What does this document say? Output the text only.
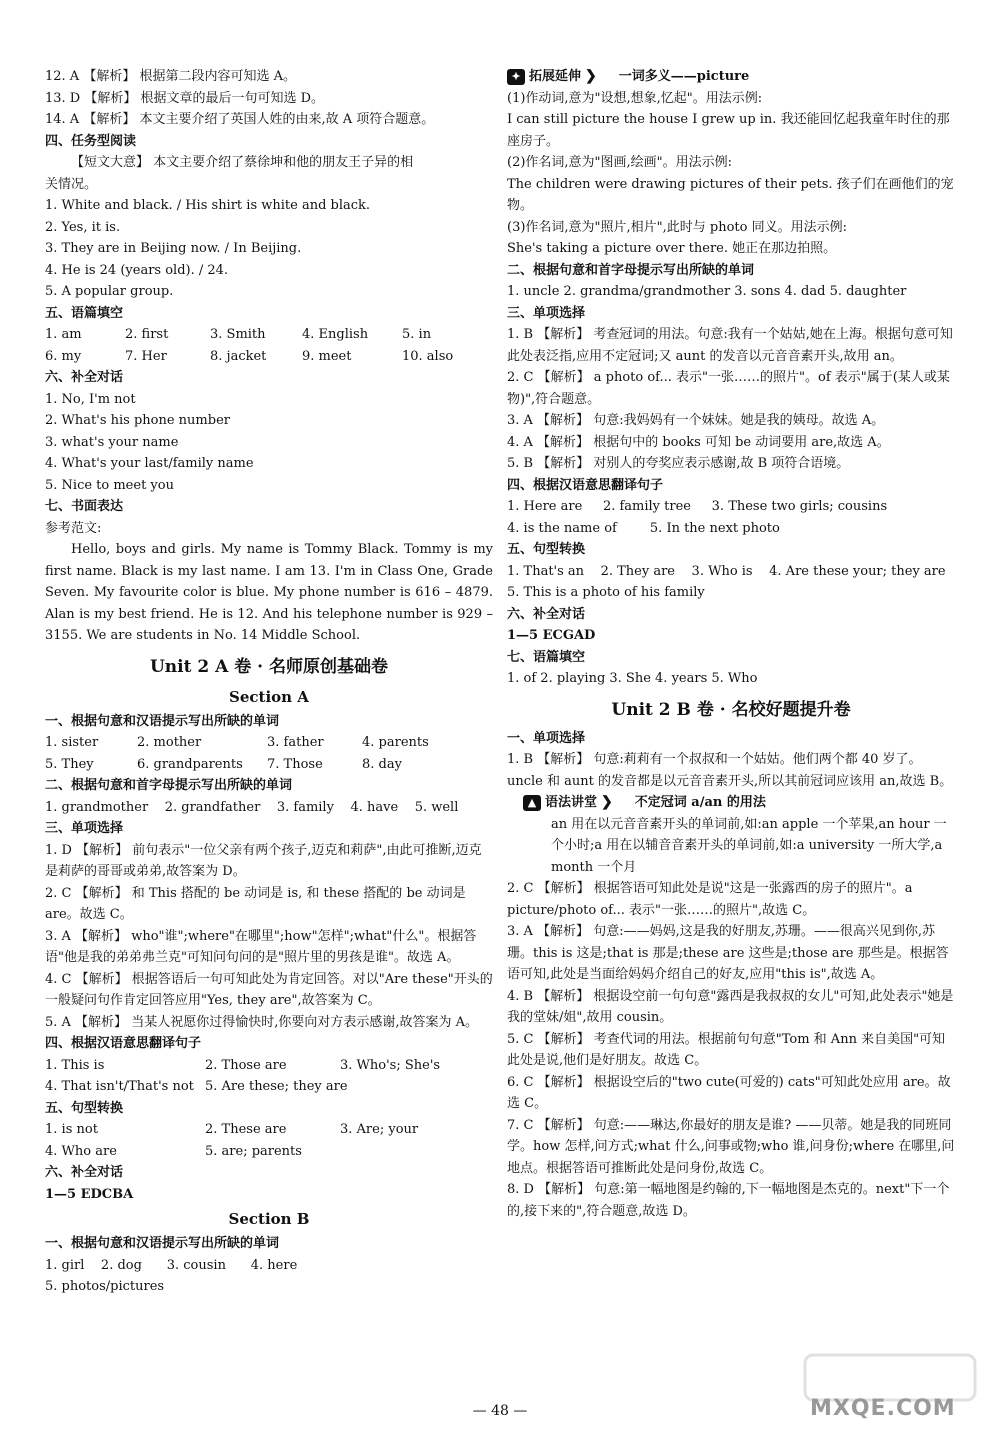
12. A 【解析】 根据第二段内容可知选 A。
13. D 【解析】 根据文章的最后一句可知选 D。
14. A 【解析】 本文主要介绍了英国人姓的由来,故 A 项符合题意。
四、任务型阅读
【短文大意】 本文主要介绍了蔡徐坤和他的朋友王子异的相
关情况。
1. White and black. / His shirt is white and black.
2. Yes, it is.
3. They are in Beijing now. / In Beijing.
4. He is 24 (years old). / 24.
5. A popular group.
五、语篇填空
1. am	2. first	3. Smith	4. English	5. in
6. my	7. Her	8. jacket	9. meet	10. also
六、补全对话
1. No, I'm not
2. What's his phone number
3. what's your name
4. What's your last/family name
5. Nice to meet you
七、书面表达
参考范文:
Hello, boys and girls. My name is Tommy Black. Tommy is my first name. Black is my last name. I am 13. I'm in Class One, Grade Seven. My favourite color is blue. My phone number is 616 – 4879. Alan is my best friend. He is 12. And his telephone number is 929 – 3155. We are students in No. 14 Middle School.
Unit 2 A 卷 · 名师原创基础卷
Section A
一、根据句意和汉语提示写出所缺的单词
1. sister	2. mother	3. father	4. parents
5. They	6. grandparents	7. Those	8. day
二、根据句意和首字母提示写出所缺的单词
1. grandmother 2. grandfather 3. family 4. have 5. well
三、单项选择
1. D 【解析】 前句表示"一位父亲有两个孩子,迈克和莉萨",由此可推断,迈克是莉萨的哥哥或弟弟,故答案为 D。
2. C 【解析】 和 This 搭配的 be 动词是 is, 和 these 搭配的 be 动词是 are。故选 C。
3. A 【解析】 who"谁";where"在哪里";how"怎样";what"什么"。根据答语"他是我的弟弟弗兰克"可知问句问的是"照片里的男孩是谁"。故选 A。
4. C 【解析】 根据答语后一句可知此处为肯定回答。对以"Are these"开头的一般疑问句作肯定回答应用"Yes, they are",故答案为 C。
5. A 【解析】 当某人祝愿你过得愉快时,你要向对方表示感谢,故答案为 A。
四、根据汉语意思翻译句子
1. This is	2. Those are	3. Who's; She's
4. That isn't/That's not 5. Are these; they are
五、句型转换
1. is not	2. These are	3. Are; your
4. Who are	5. are; parents
六、补全对话
1—5 EDCBA
Section B
一、根据句意和汉语提示写出所缺的单词
1. girl 2. dog 3. cousin 4. here
5. photos/pictures
✦ 拓展延伸 ❯ 一词多义——picture
(1)作动词,意为"设想,想象,忆起"。用法示例:
I can still picture the house I grew up in. 我还能回忆起我童年时住的那座房子。
(2)作名词,意为"图画,绘画"。用法示例:
The children were drawing pictures of their pets. 孩子们在画他们的宠物。
(3)作名词,意为"照片,相片",此时与 photo 同义。用法示例:
She's taking a picture over there. 她正在那边拍照。
二、根据句意和首字母提示写出所缺的单词
1. uncle 2. grandma/grandmother 3. sons 4. dad 5. daughter
三、单项选择
1. B 【解析】 考查冠词的用法。句意:我有一个姑姑,她在上海。根据句意可知此处表泛指,应用不定冠词;又 aunt 的发音以元音音素开头,故用 an。
2. C 【解析】 a photo of... 表示"一张……的照片"。of 表示"属于(某人或某物)",符合题意。
3. A 【解析】 句意:我妈妈有一个妹妹。她是我的姨母。故选 A。
4. A 【解析】 根据句中的 books 可知 be 动词要用 are,故选 A。
5. B 【解析】 对别人的夸奖应表示感谢,故 B 项符合语境。
四、根据汉语意思翻译句子
1. Here are 2. family tree 3. These two girls; cousins
4. is the name of	5. In the next photo
五、句型转换
1. That's an 2. They are 3. Who is 4. Are these your; they are
5. This is a photo of his family
六、补全对话
1—5 ECGAD
七、语篇填空
1. of 2. playing 3. She 4. years 5. Who
Unit 2 B 卷 · 名校好题提升卷
一、单项选择
1. B 【解析】 句意:莉莉有一个叔叔和一个姑姑。他们两个都 40 岁了。uncle 和 aunt 的发音都是以元音音素开头,所以其前冠词应该用 an,故选 B。
▲ 语法讲堂 ❯ 不定冠词 a/an 的用法
an 用在以元音音素开头的单词前,如:an apple 一个苹果,an hour 一个小时;a 用在以辅音音素开头的单词前,如:a university 一所大学,a month 一个月
2. C 【解析】 根据答语可知此处是说"这是一张露西的房子的照片"。a picture/photo of... 表示"一张……的照片",故选 C。
3. A 【解析】 句意:——妈妈,这是我的好朋友,苏珊。——很高兴见到你,苏珊。this is 这是;that is 那是;these are 这些是;those are 那些是。根据答语可知,此处是当面给妈妈介绍自己的好友,应用"this is",故选 A。
4. B 【解析】 根据设空前一句句意"露西是我叔叔的女儿"可知,此处表示"她是我的堂妹/姐",故用 cousin。
5. C 【解析】 考查代词的用法。根据前句句意"Tom 和 Ann 来自美国"可知此处是说,他们是好朋友。故选 C。
6. C 【解析】 根据设空后的"two cute(可爱的) cats"可知此处应用 are。故选 C。
7. C 【解析】 句意:——琳达,你最好的朋友是谁? ——贝蒂。她是我的同班同学。how 怎样,问方式;what 什么,问事或物;who 谁,问身份;where 在哪里,问地点。根据答语可推断此处是问身份,故选 C。
8. D 【解析】 句意:第一幅地图是约翰的,下一幅地图是杰克的。next"下一个的,接下来的",符合题意,故选 D。
— 48 —	MXQE.COM
